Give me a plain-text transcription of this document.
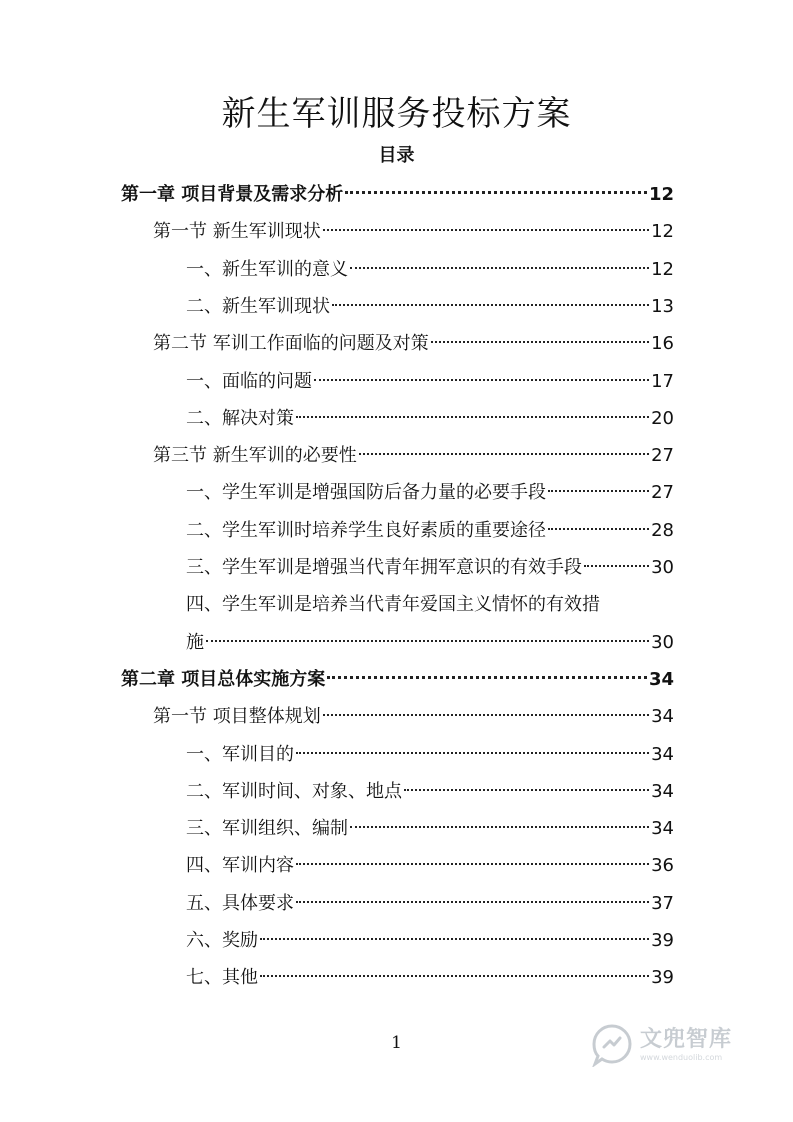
新生军训服务投标方案
目录
第一章 项目背景及需求分析	12
第一节 新生军训现状	12
一、新生军训的意义	12
二、新生军训现状	13
第二节 军训工作面临的问题及对策	16
一、面临的问题	17
二、解决对策	20
第三节 新生军训的必要性	27
一、学生军训是增强国防后备力量的必要手段	27
二、学生军训时培养学生良好素质的重要途径	28
三、学生军训是增强当代青年拥军意识的有效手段	30
四、学生军训是培养当代青年爱国主义情怀的有效措
施	30
第二章 项目总体实施方案	34
第一节 项目整体规划	34
一、军训目的	34
二、军训时间、对象、地点	34
三、军训组织、编制	34
四、军训内容	36
五、具体要求	37
六、奖励	39
七、其他	39
1	文兜智库
www.wenduolib.com
